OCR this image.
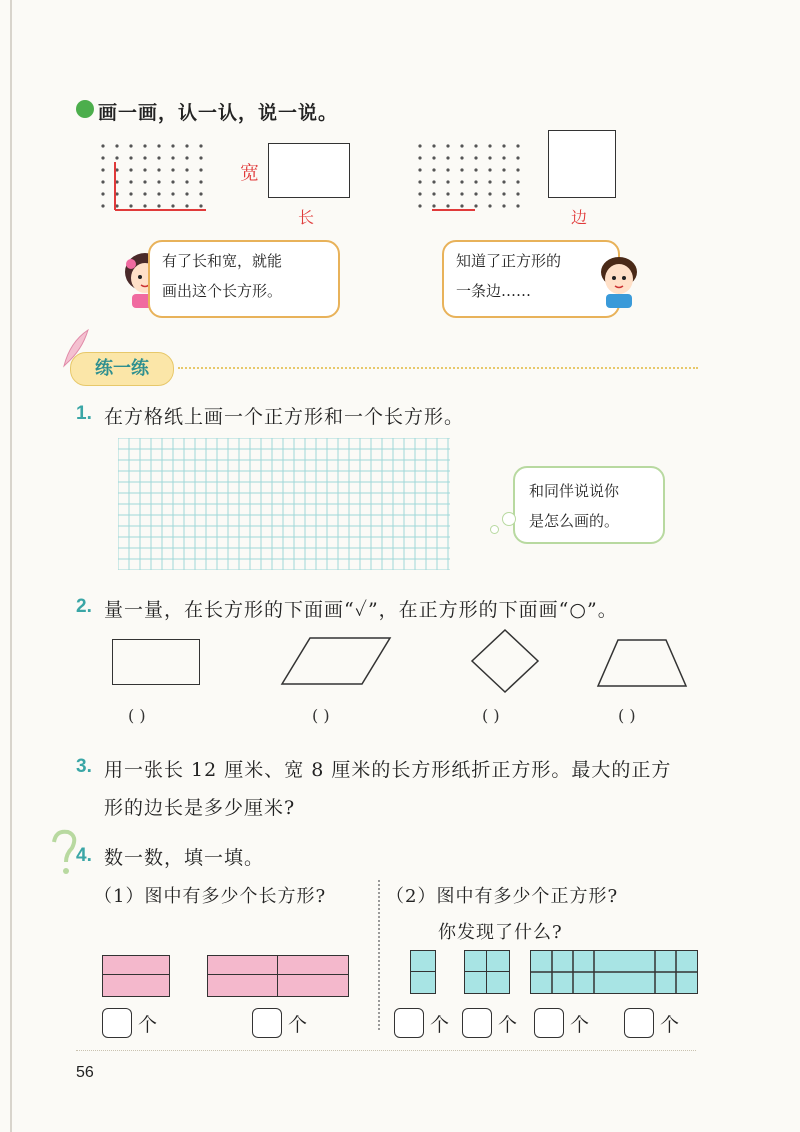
画一画，认一认，说一说。
宽
长	边
有了长和宽，就能
画出这个长方形。
知道了正方形的
一条边……
练一练
1. 在方格纸上画一个正方形和一个长方形。
和同伴说说你
是怎么画的。
2. 量一量，在长方形的下面画“✓”，在正方形的下面画“○”。
( )	( )	( )	( )
3. 用一张长 12 厘米、宽 8 厘米的长方形纸折正方形。最大的正方
形的边长是多少厘米?
4. 数一数，填一填。
（1）图中有多少个长方形?	（2）图中有多少个正方形?
你发现了什么?
个	个	个	个	个	个
56
